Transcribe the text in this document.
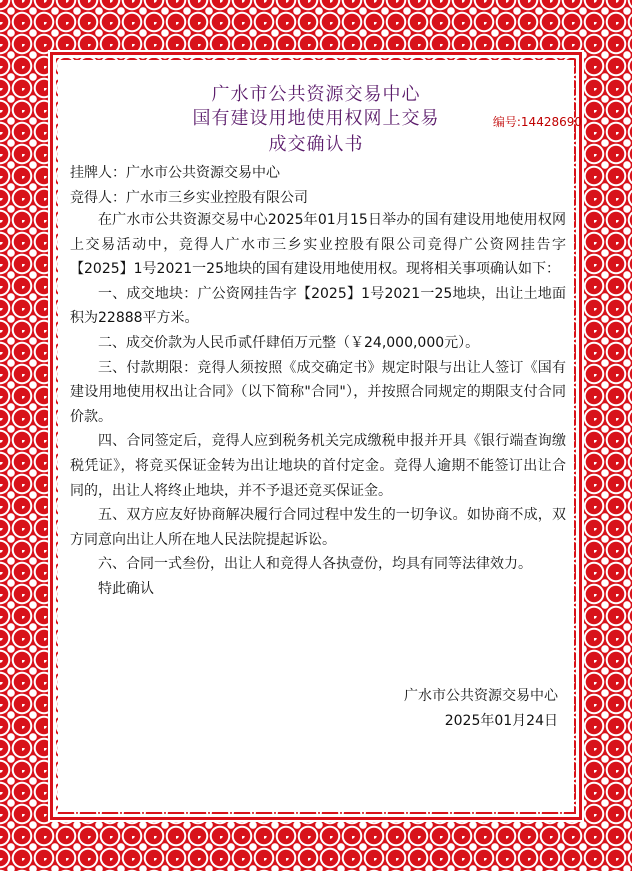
广水市公共资源交易中心
国有建设用地使用权网上交易
成交确认书
编号:14428690
挂牌人：广水市公共资源交易中心
竞得人：广水市三乡实业控股有限公司

在广水市公共资源交易中心2025年01月15日举办的国有建设用地使用权网上交易活动中，竞得人广水市三乡实业控股有限公司竞得广公资网挂告字【2025】1号2021一25地块的国有建设用地使用权。现将相关事项确认如下：

一、成交地块：广公资网挂告字【2025】1号2021一25地块，出让土地面积为22888平方米。

二、成交价款为人民币贰仟肆佰万元整（￥24,000,000元）。

三、付款期限：竞得人须按照《成交确定书》规定时限与出让人签订《国有建设用地使用权出让合同》（以下简称"合同"），并按照合同规定的期限支付合同价款。

四、合同签定后，竞得人应到税务机关完成缴税申报并开具《银行端查询缴税凭证》，将竞买保证金转为出让地块的首付定金。竞得人逾期不能签订出让合同的，出让人将终止地块，并不予退还竞买保证金。

五、双方应友好协商解决履行合同过程中发生的一切争议。如协商不成，双方同意向出让人所在地人民法院提起诉讼。

六、合同一式叁份，出让人和竞得人各执壹份，均具有同等法律效力。

特此确认

广水市公共资源交易中心
2025年01月24日
